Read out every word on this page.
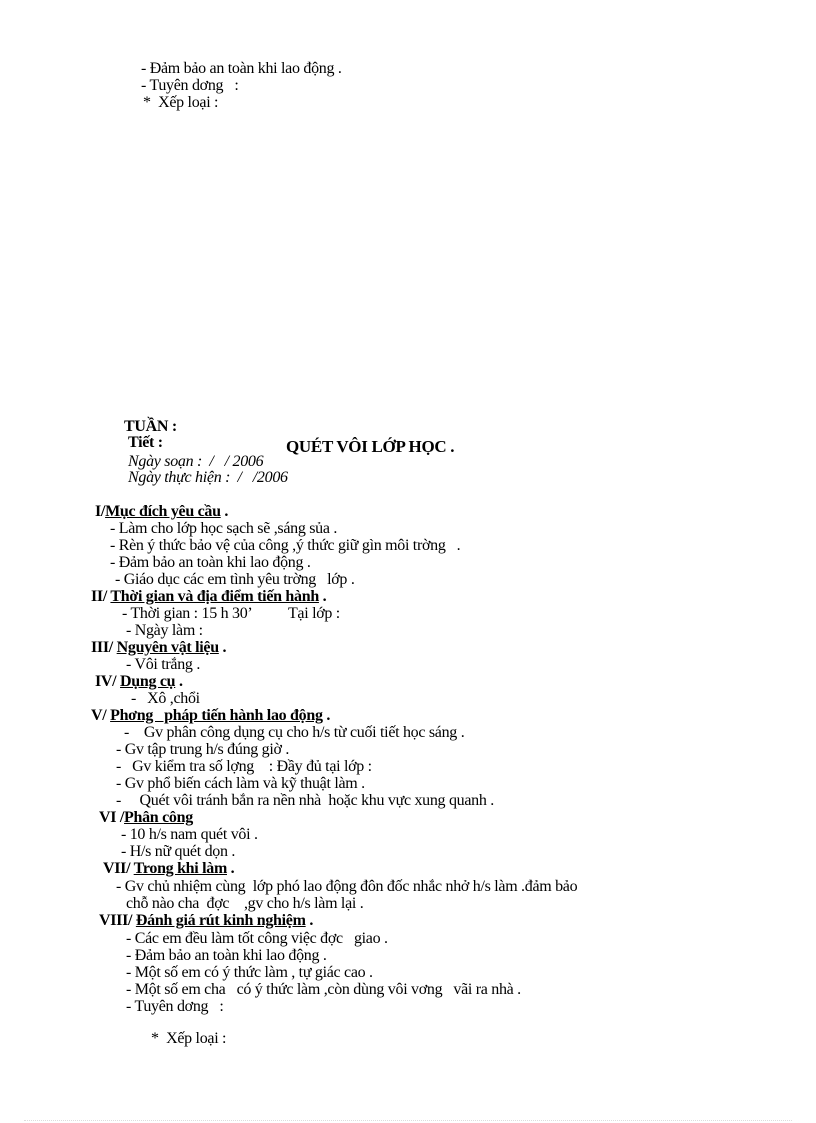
- Đảm bảo an toàn khi lao động .
- Tuyên dơng   :
*  Xếp loại :
TUẦN :
Tiết :	QUÉT VÔI LỚP HỌC .
Ngày soạn :  /   / 2006
Ngày thực hiện :  /   /2006
I/Mục đích yêu cầu .
- Làm cho lớp học sạch sẽ ,sáng sủa .
- Rèn ý thức bảo vệ của công ,ý thức giữ gìn môi trờng   .
- Đảm bảo an toàn khi lao động .
- Giáo dục các em tình yêu trờng   lớp .
II/ Thời gian và địa điểm tiến hành .
- Thời gian : 15 h 30’          Tại lớp :
- Ngày làm :
III/ Nguyên vật liệu .
- Vôi trắng .
IV/ Dụng cụ .
-   Xô ,chổi
V/ Phơng   pháp tiến hành lao động .
-    Gv phân công dụng cụ cho h/s từ cuối tiết học sáng .
- Gv tập trung h/s đúng giờ .
-   Gv kiểm tra số lợng    : Đầy đủ tại lớp :
- Gv phổ biến cách làm và kỹ thuật làm .
-     Quét vôi tránh bắn ra nền nhà  hoặc khu vực xung quanh .
VI /Phân công
- 10 h/s nam quét vôi .
- H/s nữ quét dọn .
VII/ Trong khi làm .
- Gv chủ nhiệm cùng  lớp phó lao động đôn đốc nhắc nhở h/s làm .đảm bảo
chỗ nào cha  đợc    ,gv cho h/s làm lại .
VIII/ Đánh giá rút kinh nghiệm .
- Các em đều làm tốt công việc đợc   giao .
- Đảm bảo an toàn khi lao động .
- Một số em có ý thức làm , tự giác cao .
- Một số em cha   có ý thức làm ,còn dùng vôi vơng   vãi ra nhà .
- Tuyên dơng   :
*  Xếp loại :
